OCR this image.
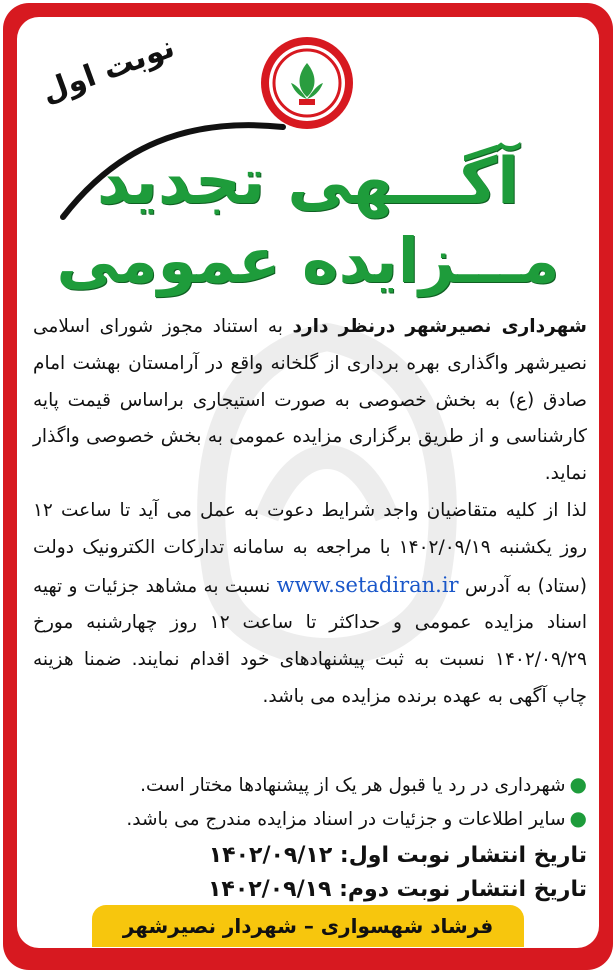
نوبت اول
آگـــهی تجدید
مـــزایده عمومی

شهرداری نصیرشهر درنظر دارد به استناد مجوز شورای اسلامی نصیرشهر واگذاری بهره برداری از گلخانه واقع در آرامستان بهشت امام صادق (ع) به بخش خصوصی به صورت استیجاری براساس قیمت پایه کارشناسی و از طریق برگزاری مزایده عمومی به بخش خصوصی واگذار نماید.

لذا از کلیه متقاضیان واجد شرایط دعوت به عمل می آید تا ساعت ۱۲ روز یکشنبه ۱۴۰۲/۰۹/۱۹ با مراجعه به سامانه تدارکات الکترونیک دولت (ستاد) به آدرس www.setadiran.ir نسبت به مشاهد جزئیات و تهیه اسناد مزایده عمومی و حداکثر تا ساعت ۱۲ روز چهارشنبه مورخ ۱۴۰۲/۰۹/۲۹ نسبت به ثبت پیشنهادهای خود اقدام نمایند. ضمنا هزینه چاپ آگهی به عهده برنده مزایده می باشد.

●شهرداری در رد یا قبول هر یک از پیشنهادها مختار است.
●سایر اطلاعات و جزئیات در اسناد مزایده مندرج می باشد.
تاریخ انتشار نوبت اول: ۱۴۰۲/۰۹/۱۲
تاریخ انتشار نوبت دوم: ۱۴۰۲/۰۹/۱۹
فرشاد شهسواری – شهردار نصیرشهر
